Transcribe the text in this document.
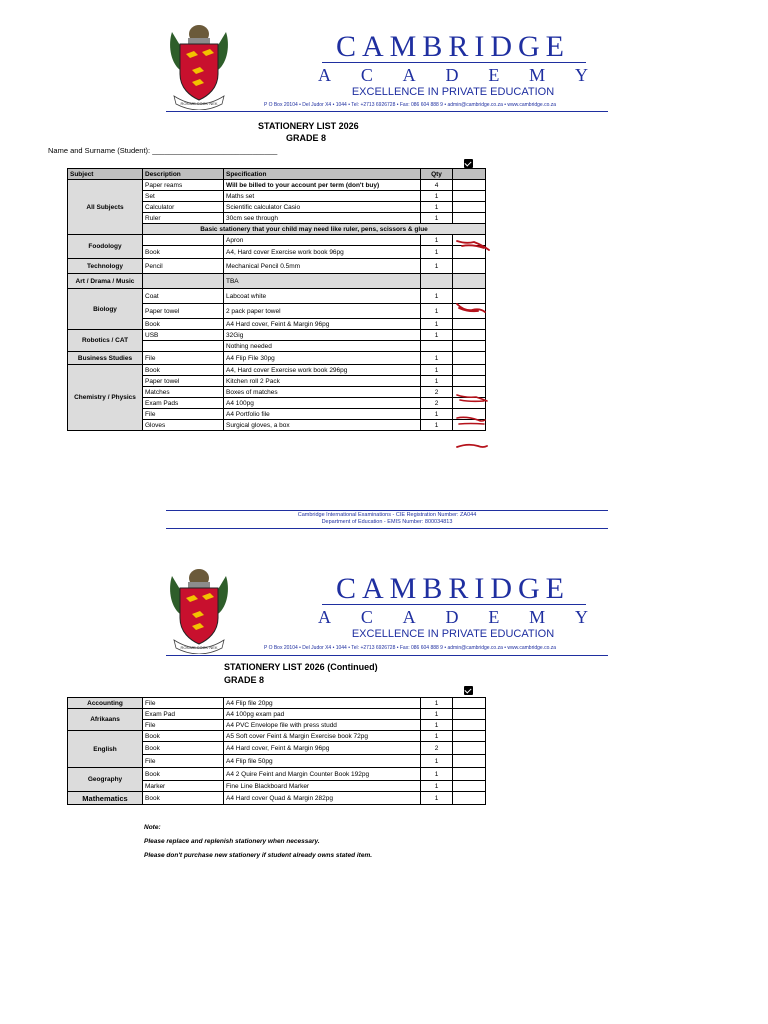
ROMME SOCK NEK
CAMBRIDGE
A C A D E M Y
EXCELLENCE IN PRIVATE EDUCATION
P O Box 20104 • Del Judor X4 • 1044 • Tel: +2713 6926728 • Fax: 086 604 888 9 • admin@cambridge.co.za • www.cambridge.co.za
STATIONERY LIST 2026
GRADE 8
Name and Surname (Student): ______________________________
Subject	Description	Specification	Qty	
All Subjects	Paper reams	Will be billed to your account per term (don't buy)	4	
	Set	Maths set	1	
	Calculator	Scientific calculator Casio	1	
	Ruler	30cm see through	1	
	Basic stationery that your child may need like ruler, pens, scissors & glue			
Foodology		Apron	1	
	Book	A4, Hard cover Exercise work book 96pg	1	
Technology	Pencil	Mechanical Pencil 0.5mm	1	
Art / Drama / Music		TBA		
Biology	Coat	Labcoat white	1	
	Paper towel	2 pack paper towel	1	
	Book	A4 Hard cover, Feint & Margin 96pg	1	
Robotics / CAT	USB	32Gig	1	
		Nothing needed		
Business Studies	File	A4 Flip File 30pg	1	
Chemistry / Physics	Book	A4, Hard cover Exercise work book 296pg	1	
	Paper towel	Kitchen roll 2 Pack	1	
	Matches	Boxes of matches	2	
	Exam Pads	A4 100pg	2	
	File	A4 Portfolio file	1	
	Gloves	Surgical gloves, a box	1	
Cambridge International Examinations - CIE Registration Number: ZA044
Department of Education - EMIS Number: 800034813
ROMME SOCK NEK
CAMBRIDGE
A C A D E M Y
EXCELLENCE IN PRIVATE EDUCATION
P O Box 20104 • Del Judor X4 • 1044 • Tel: +2713 6926728 • Fax: 086 604 888 9 • admin@cambridge.co.za • www.cambridge.co.za
STATIONERY LIST 2026 (Continued)
GRADE 8
Accounting	File	A4 Flip file 20pg	1	
Afrikaans	Exam Pad	A4 100pg exam pad	1	
	File	A4 PVC Envelope file with press studd	1	
English	Book	A5 Soft cover Feint & Margin Exercise book 72pg	1	
	Book	A4 Hard cover, Feint & Margin 96pg	2	
	File	A4 Flip file 50pg	1	
Geography	Book	A4 2 Quire Feint and Margin Counter Book 192pg	1	
	Marker	Fine Line Blackboard Marker	1	
Mathematics	Book	A4 Hard cover Quad & Margin 282pg	1	
Note:
Please replace and replenish stationery when necessary.
Please don't purchase new stationery if student already owns stated item.
